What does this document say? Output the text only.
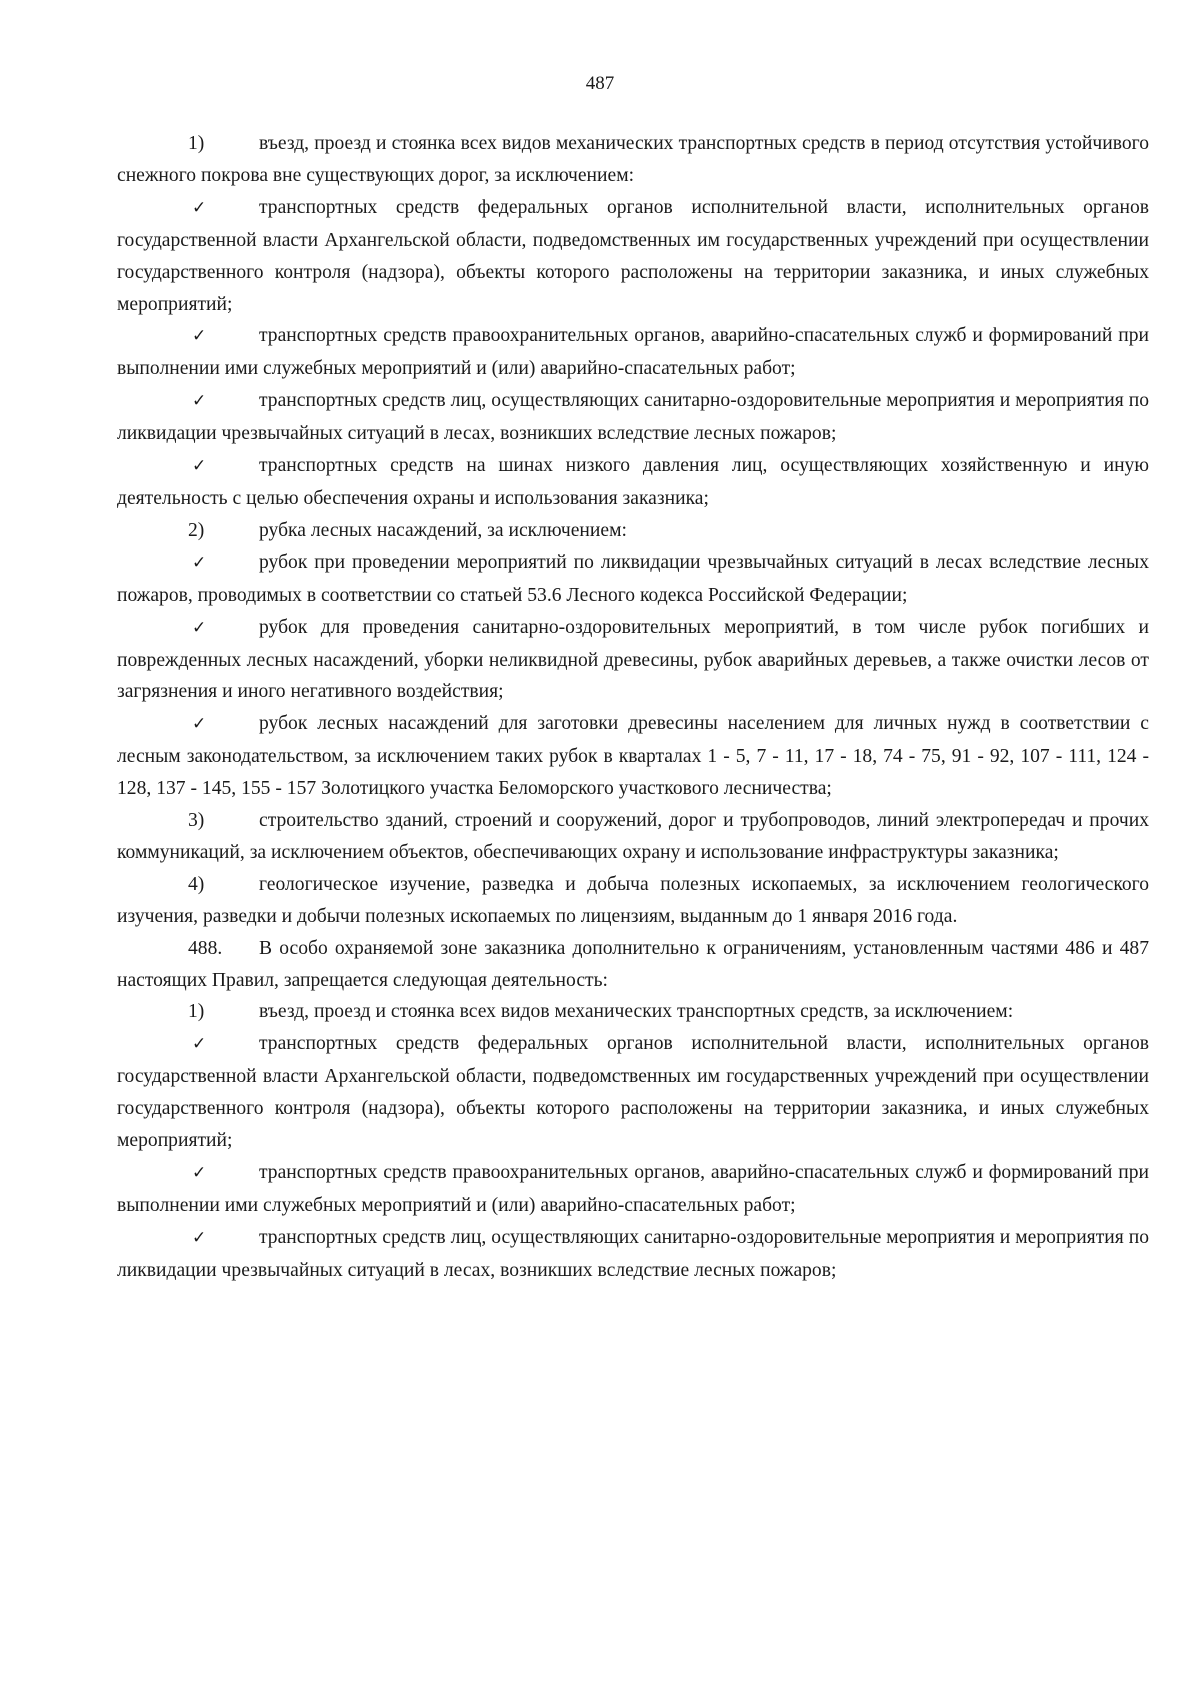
487

1)	въезд, проезд и стоянка всех видов механических транспортных средств в период отсутствия устойчивого снежного покрова вне существующих дорог, за исключением:

✓	транспортных средств федеральных органов исполнительной власти, исполнительных органов государственной власти Архангельской области, подведомственных им государственных учреждений при осуществлении государственного контроля (надзора), объекты которого расположены на территории заказника, и иных служебных мероприятий;

✓	транспортных средств правоохранительных органов, аварийно-спасательных служб и формирований при выполнении ими служебных мероприятий и (или) аварийно-спасательных работ;

✓	транспортных средств лиц, осуществляющих санитарно-оздоровительные мероприятия и мероприятия по ликвидации чрезвычайных ситуаций в лесах, возникших вследствие лесных пожаров;

✓	транспортных средств на шинах низкого давления лиц, осуществляющих хозяйственную и иную деятельность с целью обеспечения охраны и использования заказника;

2)	рубка лесных насаждений, за исключением:

✓	рубок при проведении мероприятий по ликвидации чрезвычайных ситуаций в лесах вследствие лесных пожаров, проводимых в соответствии со статьей 53.6 Лесного кодекса Российской Федерации;

✓	рубок для проведения санитарно-оздоровительных мероприятий, в том числе рубок погибших и поврежденных лесных насаждений, уборки неликвидной древесины, рубок аварийных деревьев, а также очистки лесов от загрязнения и иного негативного воздействия;

✓	рубок лесных насаждений для заготовки древесины населением для личных нужд в соответствии с лесным законодательством, за исключением таких рубок в кварталах 1 - 5, 7 - 11, 17 - 18, 74 - 75, 91 - 92, 107 - 111, 124 - 128, 137 - 145, 155 - 157 Золотицкого участка Беломорского участкового лесничества;

3)	строительство зданий, строений и сооружений, дорог и трубопроводов, линий электропередач и прочих коммуникаций, за исключением объектов, обеспечивающих охрану и использование инфраструктуры заказника;

4)	геологическое изучение, разведка и добыча полезных ископаемых, за исключением геологического изучения, разведки и добычи полезных ископаемых по лицензиям, выданным до 1 января 2016 года.

488. В особо охраняемой зоне заказника дополнительно к ограничениям, установленным частями 486 и 487 настоящих Правил, запрещается следующая деятельность:

1)	въезд, проезд и стоянка всех видов механических транспортных средств, за исключением:

✓	транспортных средств федеральных органов исполнительной власти, исполнительных органов государственной власти Архангельской области, подведомственных им государственных учреждений при осуществлении государственного контроля (надзора), объекты которого расположены на территории заказника, и иных служебных мероприятий;

✓	транспортных средств правоохранительных органов, аварийно-спасательных служб и формирований при выполнении ими служебных мероприятий и (или) аварийно-спасательных работ;

✓	транспортных средств лиц, осуществляющих санитарно-оздоровительные мероприятия и мероприятия по ликвидации чрезвычайных ситуаций в лесах, возникших вследствие лесных пожаров;
